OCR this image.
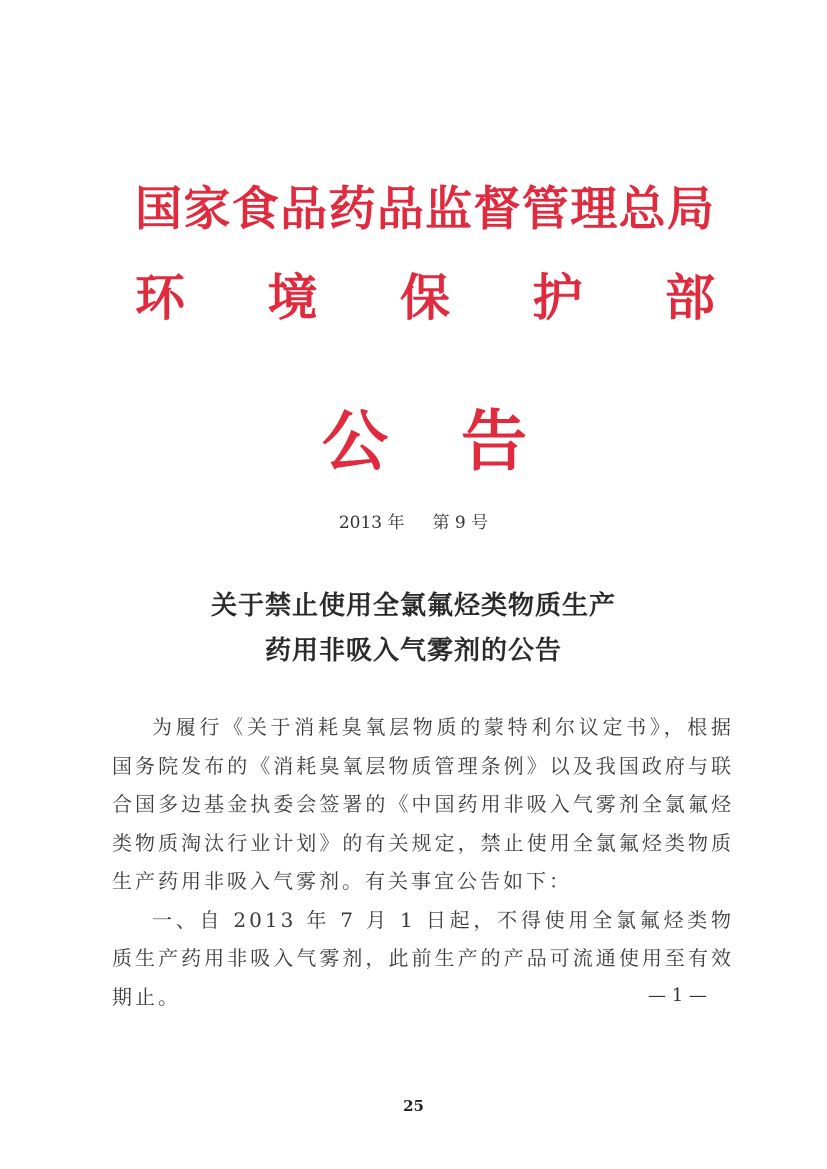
国家食品药品监督管理总局
环 境 保 护 部
公 告
2013 年 第 9 号
关于禁止使用全氯氟烃类物质生产
药用非吸入气雾剂的公告

为履行《关于消耗臭氧层物质的蒙特利尔议定书》，根据国务院发布的《消耗臭氧层物质管理条例》以及我国政府与联合国多边基金执委会签署的《中国药用非吸入气雾剂全氯氟烃类物质淘汰行业计划》的有关规定，禁止使用全氯氟烃类物质生产药用非吸入气雾剂。有关事宜公告如下：

一、自 2013 年 7 月 1 日起，不得使用全氯氟烃类物质生产药用非吸入气雾剂，此前生产的产品可流通使用至有效期止。	— 1 —
25
